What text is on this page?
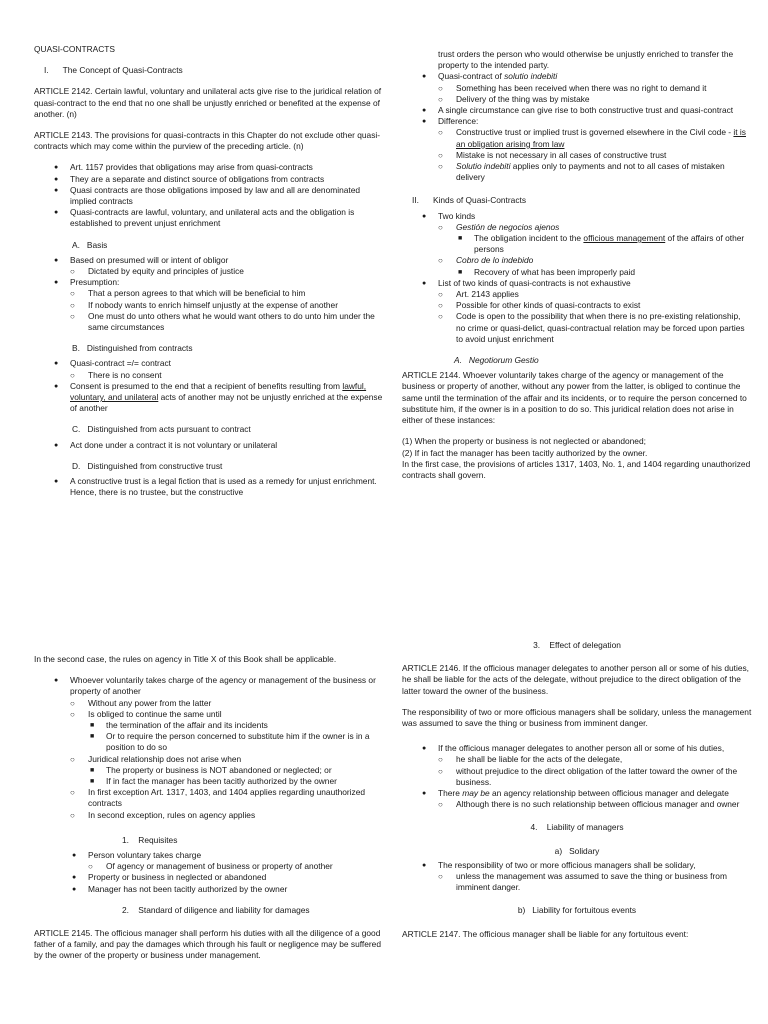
QUASI-CONTRACTS

I.      The Concept of Quasi-Contracts

ARTICLE 2142. Certain lawful, voluntary and unilateral acts give rise to the juridical relation of quasi-contract to the end that no one shall be unjustly enriched or benefited at the expense of another. (n)

ARTICLE 2143. The provisions for quasi-contracts in this Chapter do not exclude other quasi-contracts which may come within the purview of the preceding article. (n)

● Art. 1157 provides that obligations may arise from quasi-contracts
● They are a separate and distinct source of obligations from contracts
● Quasi contracts are those obligations imposed by law and all are denominated implied contracts
● Quasi-contracts are lawful, voluntary, and unilateral acts and the obligation is established to prevent unjust enrichment
A.   Basis
● Based on presumed will or intent of obligor
○ Dictated by equity and principles of justice
● Presumption:
○ That a person agrees to that which will be beneficial to him
○ If nobody wants to enrich himself unjustly at the expense of another
○ One must do unto others what he would want others to do unto him under the same circumstances
B.   Distinguished from contracts
● Quasi-contract =/= contract
○ There is no consent
● Consent is presumed to the end that a recipient of benefits resulting from lawful, voluntary, and unilateral acts of another may not be unjustly enriched at the expense of another
C.   Distinguished from acts pursuant to contract
● Act done under a contract it is not voluntary or unilateral
D.   Distinguished from constructive trust
● A constructive trust is a legal fiction that is used as a remedy for unjust enrichment. Hence, there is no trustee, but the constructive
trust orders the person who would otherwise be unjustly enriched to transfer the property to the intended party.
● Quasi-contract of solutio indebiti
○ Something has been received when there was no right to demand it
○ Delivery of the thing was by mistake
● A single circumstance can give rise to both constructive trust and quasi-contract
● Difference:
○ Constructive trust or implied trust is governed elsewhere in the Civil code - it is an obligation arising from law
○ Mistake is not necessary in all cases of constructive trust
○ Solutio indebiti applies only to payments and not to all cases of mistaken delivery
II.      Kinds of Quasi-Contracts
● Two kinds
○ Gestión de negocios ajenos
■ The obligation incident to the officious management of the affairs of other persons
○ Cobro de lo indebido
■ Recovery of what has been improperly paid
● List of two kinds of quasi-contracts is not exhaustive
○ Art. 2143 applies
○ Possible for other kinds of quasi-contracts to exist
○ Code is open to the possibility that when there is no pre-existing relationship, no crime or quasi-delict, quasi-contractual relation may be forced upon parties to avoid unjust enrichment
A.   Negotiorum Gestio

ARTICLE 2144. Whoever voluntarily takes charge of the agency or management of the business or property of another, without any power from the latter, is obliged to continue the same until the termination of the affair and its incidents, or to require the person concerned to substitute him, if the owner is in a position to do so. This juridical relation does not arise in either of these instances:

(1) When the property or business is not neglected or abandoned;
(2) If in fact the manager has been tacitly authorized by the owner.
In the first case, the provisions of articles 1317, 1403, No. 1, and 1404 regarding unauthorized contracts shall govern.

In the second case, the rules on agency in Title X of this Book shall be applicable.

● Whoever voluntarily takes charge of the agency or management of the business or property of another
○ Without any power from the latter
○ Is obliged to continue the same until
■ the termination of the affair and its incidents
■ Or to require the person concerned to substitute him if the owner is in a position to do so
○ Juridical relationship does not arise when
■ The property or business is NOT abandoned or neglected; or
■ If in fact the manager has been tacitly authorized by the owner
○ In first exception Art. 1317, 1403, and 1404 applies regarding unauthorized contracts
○ In second exception, rules on agency applies
1.    Requisites
● Person voluntary takes charge
○ Of agency or management of business or property of another
● Property or business in neglected or abandoned
● Manager has not been tacitly authorized by the owner
2.    Standard of diligence and liability for damages

ARTICLE 2145. The officious manager shall perform his duties with all the diligence of a good father of a family, and pay the damages which through his fault or negligence may be suffered by the owner of the property or business under management.

3.    Effect of delegation

ARTICLE 2146. If the officious manager delegates to another person all or some of his duties, he shall be liable for the acts of the delegate, without prejudice to the direct obligation of the latter toward the owner of the business.

The responsibility of two or more officious managers shall be solidary, unless the management was assumed to save the thing or business from imminent danger.

● If the officious manager delegates to another person all or some of his duties,
○ he shall be liable for the acts of the delegate,
○ without prejudice to the direct obligation of the latter toward the owner of the business.
● There may be an agency relationship between officious manager and delegate
○ Although there is no such relationship between officious manager and owner
4.    Liability of managers
a)   Solidary
● The responsibility of two or more officious managers shall be solidary,
○ unless the management was assumed to save the thing or business from imminent danger.
b)   Liability for fortuitous events

ARTICLE 2147. The officious manager shall be liable for any fortuitous event:
